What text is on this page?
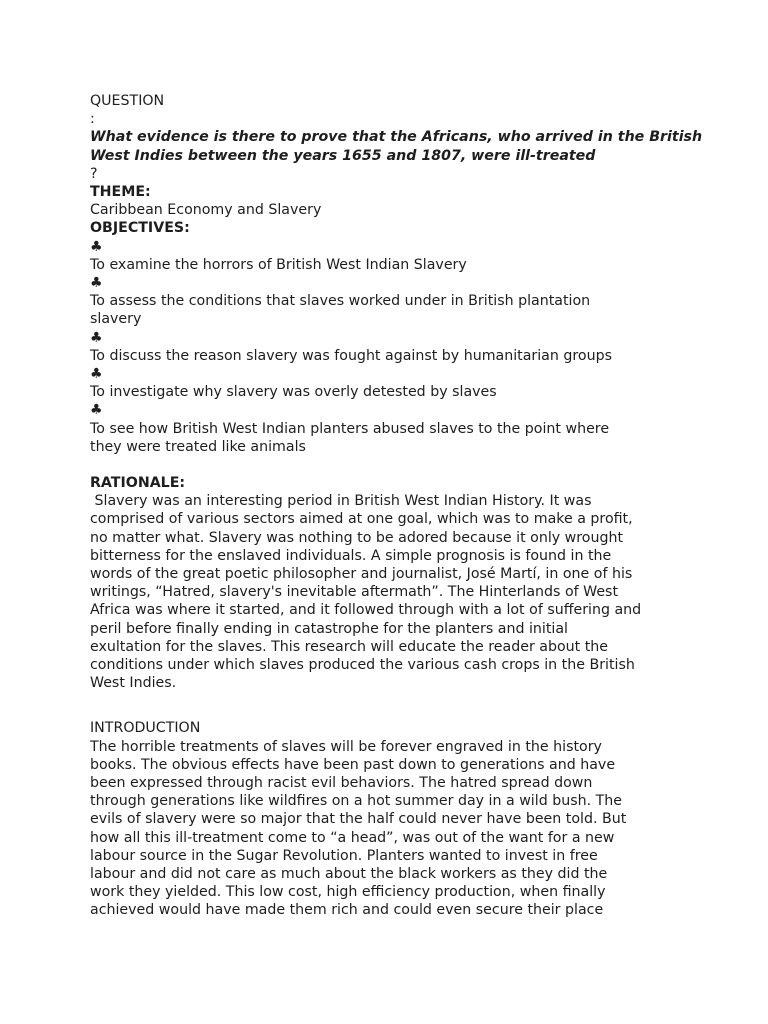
QUESTION
:
What evidence is there to prove that the Africans, who arrived in the British
West Indies between the years 1655 and 1807, were ill-treated
?
THEME:
Caribbean Economy and Slavery
OBJECTIVES:
♣
To examine the horrors of British West Indian Slavery
♣
To assess the conditions that slaves worked under in British plantation
slavery
♣
To discuss the reason slavery was fought against by humanitarian groups
♣
To investigate why slavery was overly detested by slaves
♣
To see how British West Indian planters abused slaves to the point where
they were treated like animals
RATIONALE:
Slavery was an interesting period in British West Indian History. It was
comprised of various sectors aimed at one goal, which was to make a profit,
no matter what. Slavery was nothing to be adored because it only wrought
bitterness for the enslaved individuals. A simple prognosis is found in the
words of the great poetic philosopher and journalist, José Martí, in one of his
writings, “Hatred, slavery's inevitable aftermath”. The Hinterlands of West
Africa was where it started, and it followed through with a lot of suffering and
peril before finally ending in catastrophe for the planters and initial
exultation for the slaves. This research will educate the reader about the
conditions under which slaves produced the various cash crops in the British
West Indies.
INTRODUCTION
The horrible treatments of slaves will be forever engraved in the history
books. The obvious effects have been past down to generations and have
been expressed through racist evil behaviors. The hatred spread down
through generations like wildfires on a hot summer day in a wild bush. The
evils of slavery were so major that the half could never have been told. But
how all this ill-treatment come to “a head”, was out of the want for a new
labour source in the Sugar Revolution. Planters wanted to invest in free
labour and did not care as much about the black workers as they did the
work they yielded. This low cost, high efficiency production, when finally
achieved would have made them rich and could even secure their place
